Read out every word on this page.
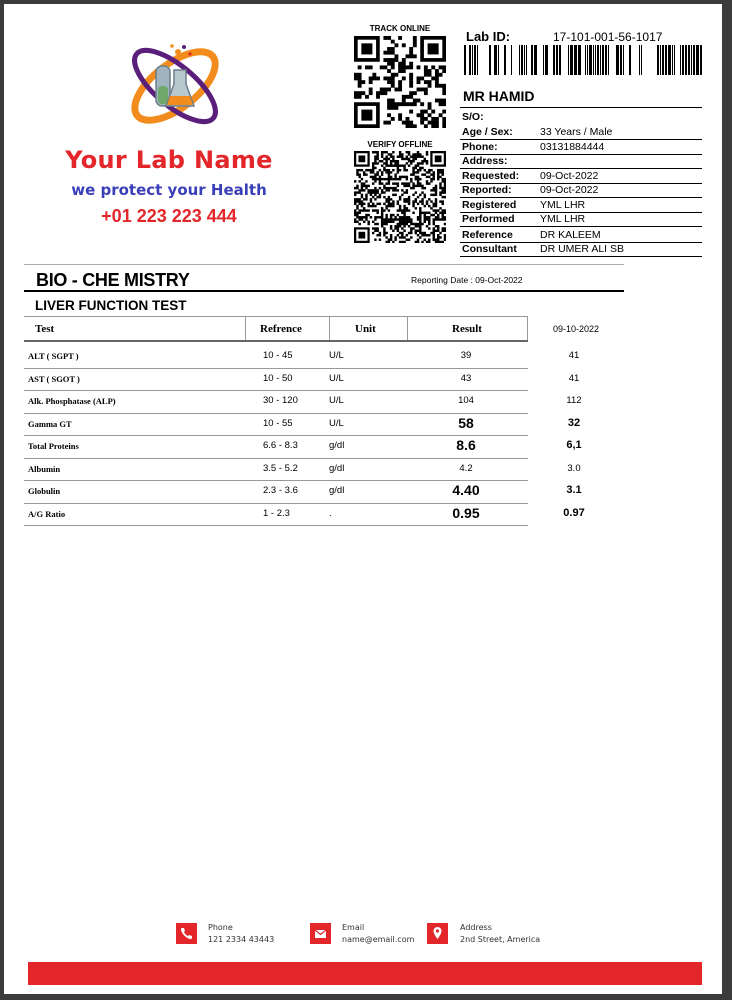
Your Lab Name
we protect your Health
+01 223 223 444
TRACK ONLINE
VERIFY OFFLINE
Lab ID:	17-101-001-56-1017
MR HAMID
S/O:
Age / Sex:	33 Years / Male
Phone:	03131884444
Address:
Requested: 09-Oct-2022
Reported:	09-Oct-2022
Registered YML LHR
Performed YML LHR
Reference	DR KALEEM
Consultant DR UMER ALI SB
BIO - CHE MISTRY	Reporting Date : 09-Oct-2022
LIVER FUNCTION TEST
Test	Refrence	Unit	Result	09-10-2022
ALT ( SGPT )	10 - 45	U/L	39	41
AST ( SGOT )	10 - 50	U/L	43	41
Alk. Phosphatase (ALP)	30 - 120	U/L	104	112
Gamma GT	10 - 55	U/L	58	32
Total Proteins	6.6 - 8.3	g/dl	8.6	6,1
Albumin	3.5 - 5.2	g/dl	4.2	3.0
Globulin	2.3 - 3.6	g/dl	4.40	3.1
A/G Ratio	1 - 2.3	.	0.95	0.97
Phone
121 2334 43443
Email
name@email.com
Address
2nd Street, America
